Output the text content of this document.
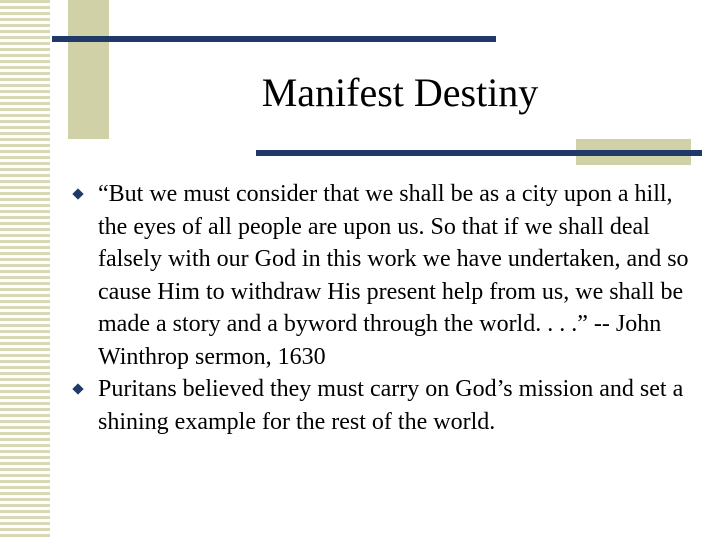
Manifest Destiny
“But we must consider that we shall be as a city upon a hill, the eyes of all people are upon us. So that if we shall deal falsely with our God in this work we have undertaken, and so cause Him to withdraw His present help from us, we shall be made a story and a byword through the world. . . .” -- John Winthrop sermon, 1630
Puritans believed they must carry on God’s mission and set a shining example for the rest of the world.
